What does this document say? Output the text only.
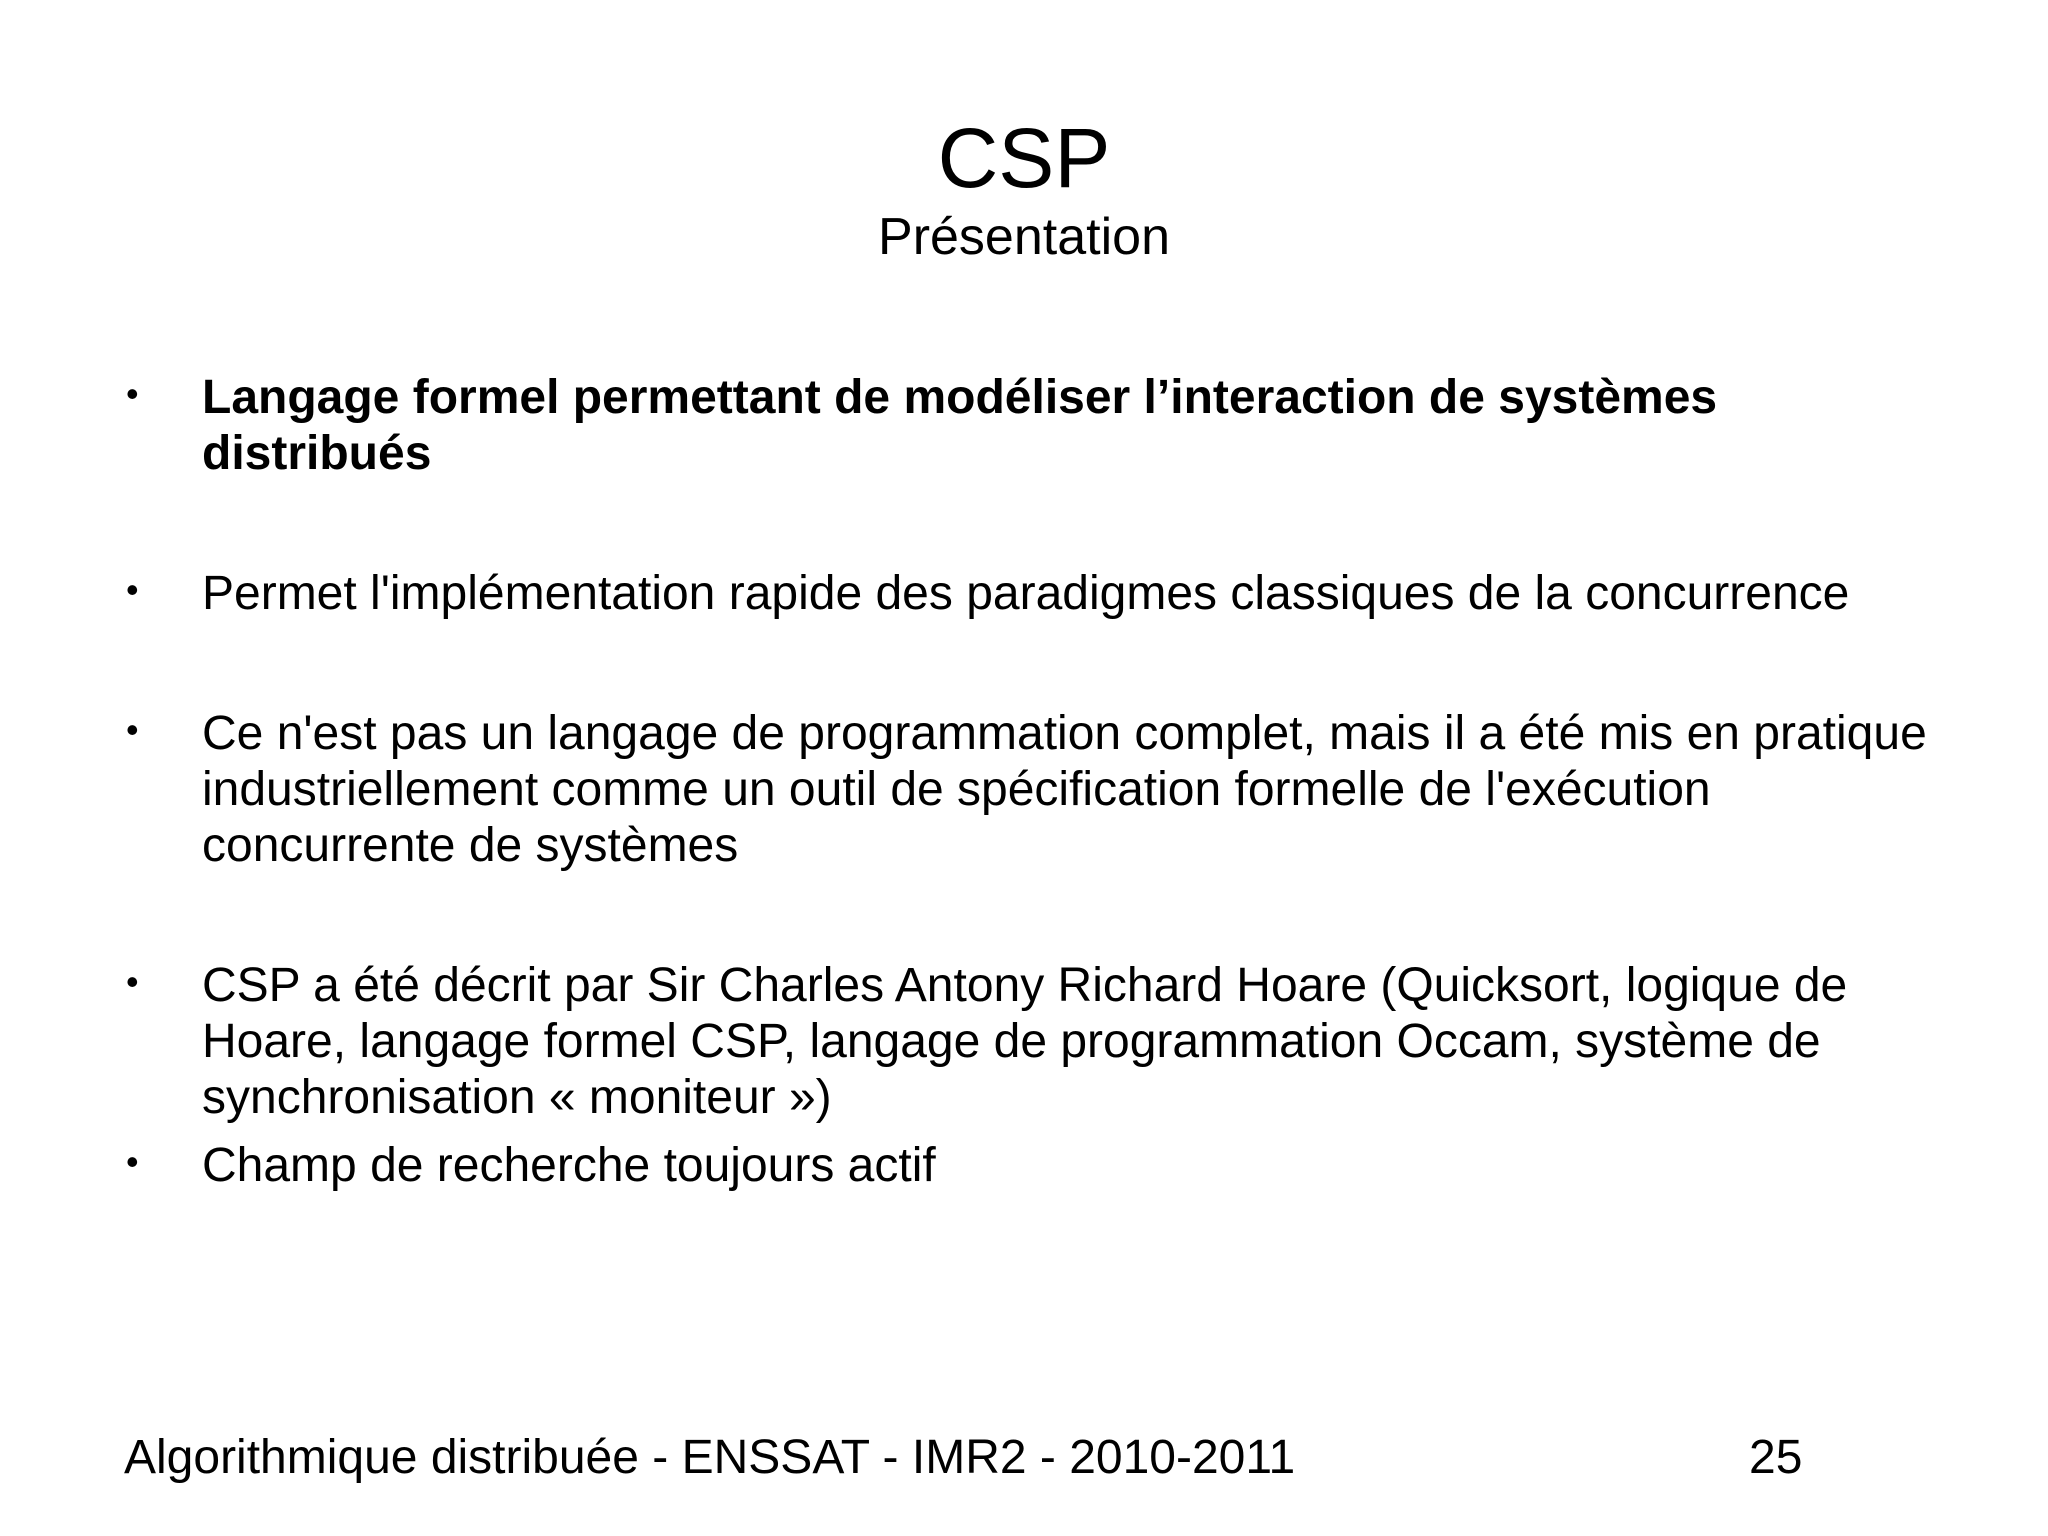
CSP
Présentation
• Langage formel permettant de modéliser l’interaction de systèmes distribués
• Permet l'implémentation rapide des paradigmes classiques de la concurrence
• Ce n'est pas un langage de programmation complet, mais il a été mis en pratique industriellement comme un outil de spécification formelle de l'exécution concurrente de systèmes
• CSP a été décrit par Sir Charles Antony Richard Hoare (Quicksort, logique de Hoare, langage formel CSP, langage de programmation Occam, système de synchronisation « moniteur »)
• Champ de recherche toujours actif
Algorithmique distribuée - ENSSAT - IMR2 - 2010-2011	25
